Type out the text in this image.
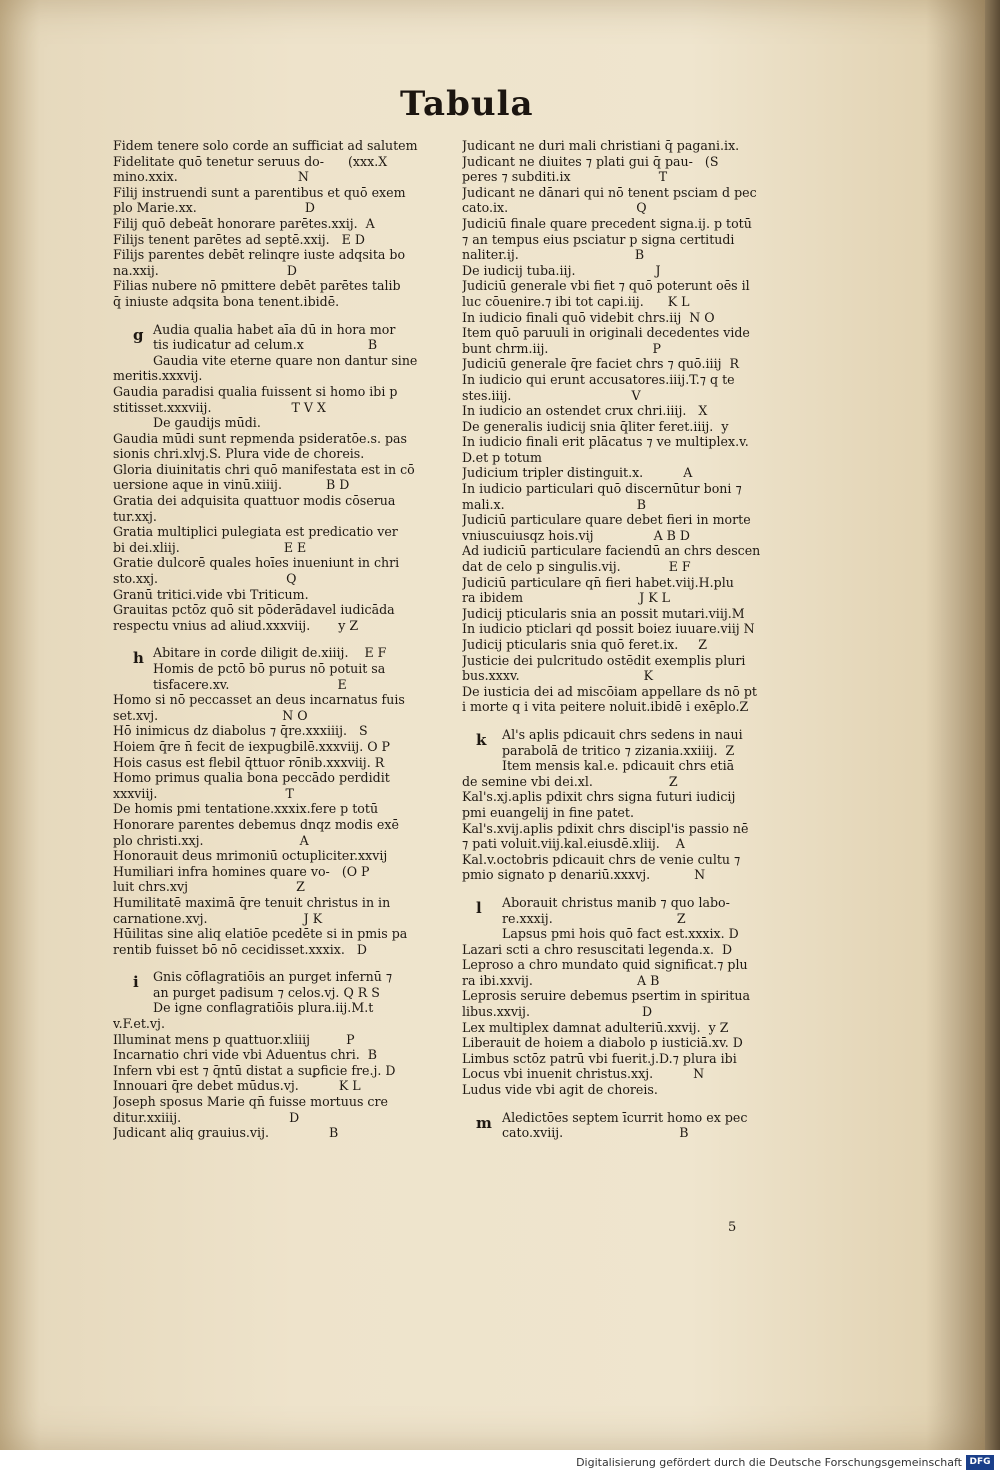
Tabula
Fidem tenere solo corde an sufficiat ad salutem
Fidelitate quō tenetur seruus do-      (xxx.X
mino.xxix.                              N
Filij instruendi sunt a parentibus et quō exem
plo Marie.xx.                           D
Filij quō debeāt honorare parētes.xxij.  A
Filijs tenent parētes ad septē.xxij.   E D
Filijs parentes debēt relinqre iuste adqsita bo
na.xxij.                                D
Filias nubere nō pmittere debēt parētes talib
q̄ iniuste adqsita bona tenent.ibidē.
g Audia qualia habet aīa dū in hora mor
tis iudicatur ad celum.x                B
Gaudia vite eterne quare non dantur sine
meritis.xxxvij.
Gaudia paradisi qualia fuissent si homo ibi p
stitisset.xxxviij.                    T V X
De gaudijs mūdi.
Gaudia mūdi sunt repmenda psideratōe.s. pas
sionis chri.xlvj.S. Plura vide de choreis.
Gloria diuinitatis chri quō manifestata est in cō
uersione aque in vinū.xiiij.           B D
Gratia dei adquisita quattuor modis cōserua
tur.xxj.
Gratia multiplici pulegiata est predicatio ver
bi dei.xliij.                          E E
Gratie dulcorē quales hoīes inueniunt in chri
sto.xxj.                                Q
Granū tritici.vide vbi Triticum.
Grauitas pctōz quō sit pōderādavel iudicāda
respectu vnius ad aliud.xxxviij.       y Z
h Abitare in corde diligit de.xiiij.    E F
Homis de pctō bō purus nō potuit sa
tisfacere.xv.                           E
Homo si nō peccasset an deus incarnatus fuis
set.xvj.                               N O
Hō inimicus dz diabolus ⁊ q̄re.xxxiiij.   S
Hoiem q̄re n̄ fecit de iexpugbilē.xxxviij. O P
Hois casus est flebil q̄ttuor rōnib.xxxviij. R
Homo primus qualia bona peccādo perdidit
xxxviij.                                T
De homis pmi tentatione.xxxix.fere p totū
Honorare parentes debemus dnqz modis exē
plo christi.xxj.                        A
Honorauit deus mrimoniū octupliciter.xxvij
Humiliari infra homines quare vo-   (O P
luit chrs.xvj                           Z
Humilitatē maximā q̄re tenuit christus in in
carnatione.xvj.                        J K
Hūilitas sine aliq elatiōe pcedēte si in pmis pa
rentib fuisset bō nō cecidisset.xxxix.   D
i	Gnis cōflagratiōis an purget infernū ⁊
an purget padisum ⁊ celos.vj. Q R S
De igne conflagratiōis plura.iij.M.t
v.F.et.vj.
Illuminat mens p quattuor.xliiij         P
Incarnatio chri vide vbi Aduentus chri.  B
Infern vbi est ⁊ q̄ntū distat a suꝑficie fre.j. D
Innouari q̄re debet mūdus.vj.          K L
Joseph sposus Marie qn̄ fuisse mortuus cre
ditur.xxiiij.                           D
Judicant aliq grauius.vij.               B
Judicant ne duri mali christiani q̄ pagani.ix.
Judicant ne diuites ⁊ plati gui q̄ pau-   (S
peres ⁊ subditi.ix                      T
Judicant ne dānari qui nō tenent psciam d pec
cato.ix.                                Q
Judiciū finale quare precedent signa.ij. p totū
⁊ an tempus eius psciatur p signa certitudi
naliter.ij.                             B
De iudicij tuba.iij.                    J
Judiciū generale vbi fiet ⁊ quō poterunt oēs il
luc cōuenire.⁊ ibi tot capi.iij.      K L
In iudicio finali quō videbit chrs.iij  N O
Item quō paruuli in originali decedentes vide
bunt chrm.iij.                          P
Judiciū generale q̄re faciet chrs ⁊ quō.iiij  R
In iudicio qui erunt accusatores.iiij.T.⁊ q te
stes.iiij.                              V
In iudicio an ostendet crux chri.iiij.   X
De generalis iudicij snia q̄liter feret.iiij.  y
In iudicio finali erit plācatus ⁊ ve multiplex.v.
D.et p totum
Judicium tripler distinguit.x.          A
In iudicio particulari quō discernūtur boni ⁊
mali.x.                                 B
Judiciū particulare quare debet fieri in morte
vniuscuiusqz hois.vij               A B D
Ad iudiciū particulare faciendū an chrs descen
dat de celo p singulis.vij.            E F
Judiciū particulare qn̄ fieri habet.viij.H.plu
ra ibidem                             J K L
Judicij pticularis snia an possit mutari.viij.M
In iudicio pticlari qd possit boiez iuuare.viij N
Judicij pticularis snia quō feret.ix.     Z
Justicie dei pulcritudo ostēdit exemplis pluri
bus.xxxv.                               K
De iusticia dei ad miscōiam appellare ds nō pt
i morte q i vita peitere noluit.ibidē i exēplo.Z
k	Al's aplis pdicauit chrs sedens in naui
parabolā de tritico ⁊ zizania.xxiiij.  Z
Item mensis kal.e. pdicauit chrs etiā
de semine vbi dei.xl.                   Z
Kal's.xj.aplis pdixit chrs signa futuri iudicij
pmi euangelij in fine patet.
Kal's.xvij.aplis pdixit chrs discipl'is passio nē
⁊ pati voluit.viij.kal.eiusdē.xliij.    A
Kal.v.octobris pdicauit chrs de venie cultu ⁊
pmio signato p denariū.xxxvj.           N
l	Aborauit christus manib ⁊ quo labo-
re.xxxij.                               Z
Lapsus pmi hois quō fact est.xxxix. D
Lazari scti a chro resuscitati legenda.x.  D
Leproso a chro mundato quid significat.⁊ plu
ra ibi.xxvij.                          A B
Leprosis seruire debemus psertim in spiritua
libus.xxvij.                            D
Lex multiplex damnat adulteriū.xxvij.  y Z
Liberauit de hoiem a diabolo p iusticiā.xv. D
Limbus sctōz patrū vbi fuerit.j.D.⁊ plura ibi
Locus vbi inuenit christus.xxj.          N
Ludus vide vbi agit de choreis.
m Aledictōes septem īcurrit homo ex pec
cato.xviij.                             B
5
Digitalisierung gefördert durch die Deutsche Forschungsgemeinschaft DFG
